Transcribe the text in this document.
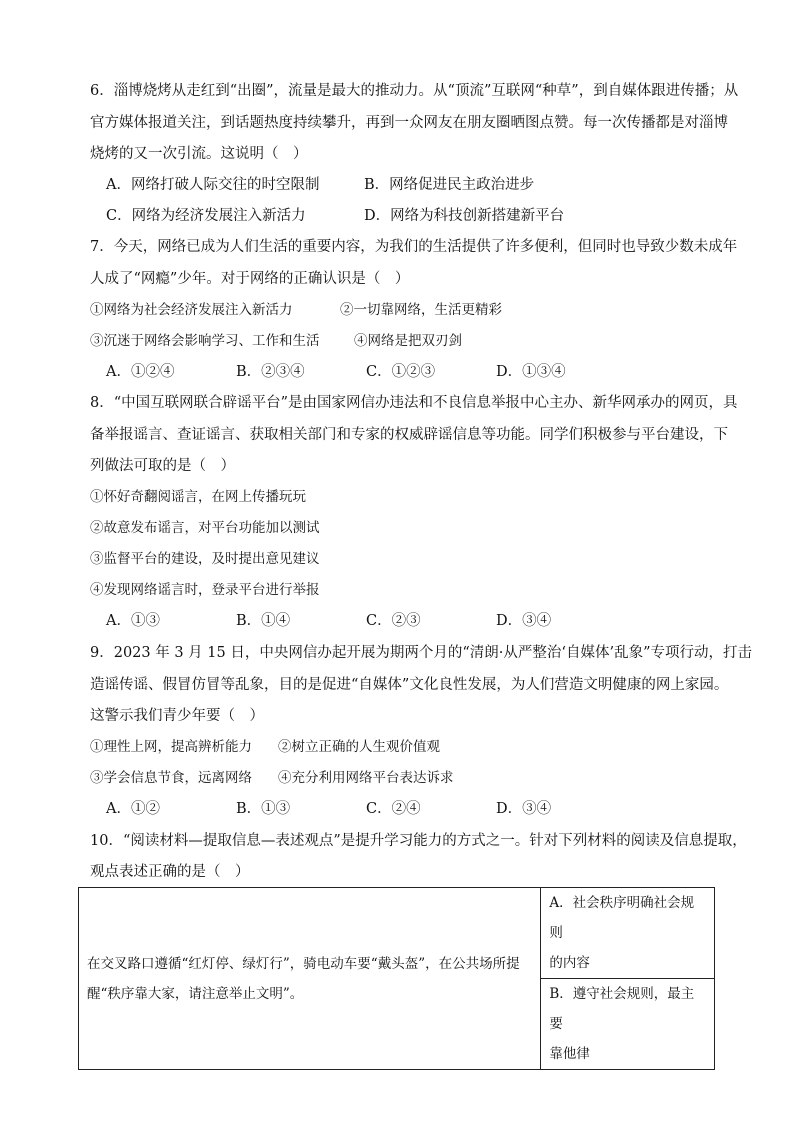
6．淄博烧烤从走红到“出圈”，流量是最大的推动力。从“顶流”互联网“种草”，到自媒体跟进传播；从
官方媒体报道关注，到话题热度持续攀升，再到一众网友在朋友圈晒图点赞。每一次传播都是对淄博
烧烤的又一次引流。这说明（　）
A．网络打破人际交往的时空限制	B．网络促进民主政治进步
C．网络为经济发展注入新活力	D．网络为科技创新搭建新平台
7．今天，网络已成为人们生活的重要内容，为我们的生活提供了许多便利，但同时也导致少数未成年
人成了“网瘾”少年。对于网络的正确认识是（　）
①网络为社会经济发展注入新活力	②一切靠网络，生活更精彩
③沉迷于网络会影响学习、工作和生活	④网络是把双刃剑
A．①②④	B．②③④	C．①②③	D．①③④
8．“中国互联网联合辟谣平台”是由国家网信办违法和不良信息举报中心主办、新华网承办的网页，具
备举报谣言、查证谣言、获取相关部门和专家的权威辟谣信息等功能。同学们积极参与平台建设，下
列做法可取的是（　）
①怀好奇翻阅谣言，在网上传播玩玩
②故意发布谣言，对平台功能加以测试
③监督平台的建设，及时提出意见建议
④发现网络谣言时，登录平台进行举报
A．①③	B．①④	C．②③	D．③④
9．2023 年 3 月 15 日，中央网信办起开展为期两个月的“清朗·从严整治‘自媒体’乱象”专项行动，打击
造谣传谣、假冒仿冒等乱象，目的是促进“自媒体”文化良性发展，为人们营造文明健康的网上家园。
这警示我们青少年要（　）
①理性上网，提高辨析能力 ②树立正确的人生观价值观
③学会信息节食，远离网络 ④充分利用网络平台表达诉求
A．①②	B．①③	C．②④	D．③④
10．“阅读材料—提取信息—表述观点”是提升学习能力的方式之一。针对下列材料的阅读及信息提取，
观点表述正确的是（　）
在交叉路口遵循“红灯停、绿灯行”，骑电动车要“戴头盔”，在公共场所提
醒“秩序靠大家，请注意举止文明”。

A．社会秩序明确社会规则
的内容

B．遵守社会规则，最主要
靠他律
